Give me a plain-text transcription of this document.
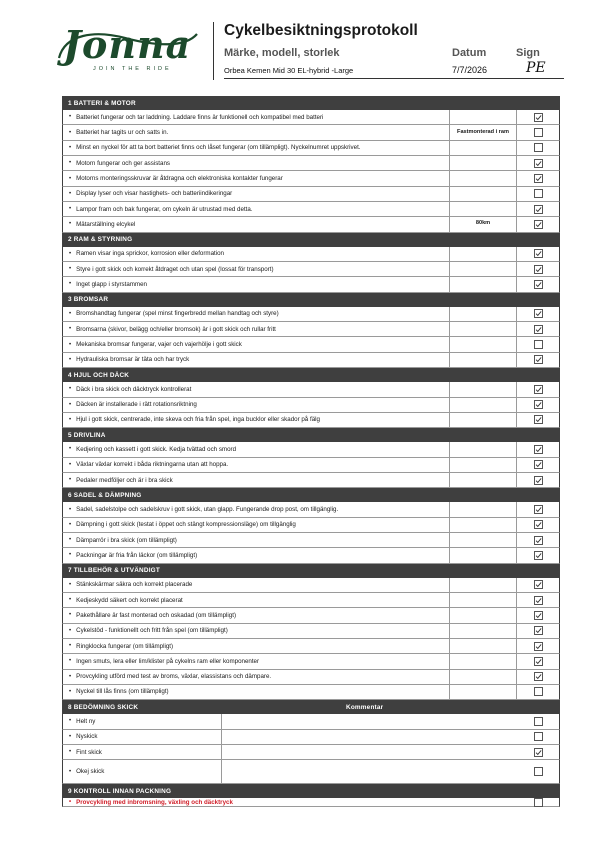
Jonna
JOIN THE RIDE
Cykelbesiktningsprotokoll
Märke, modell, storlek	Datum	Sign
Orbea Kemen Mid 30 EL-hybrid -Large	7/7/2026	PE
1 BATTERI & MOTOR
• Batteriet fungerar och tar laddning. Laddare finns är funktionell och kompatibel med batteri
• Batteriet har tagits ur och satts in.	Fastmonterad i ram
• Minst en nyckel för att ta bort batteriet finns och låset fungerar (om tillämpligt). Nyckelnumret uppskrivet.
• Motorn fungerar och ger assistans
• Motorns monteringsskruvar är åtdragna och elektroniska kontakter fungerar
• Display lyser och visar hastighets- och batteriindikeringar
• Lampor fram och bak fungerar, om cykeln är utrustad med detta.
• Mätarställning elcykel	80km
2 RAM & STYRNING
• Ramen visar inga sprickor, korrosion eller deformation
• Styre i gott skick och korrekt åtdraget och utan spel (lossat för transport)
• Inget glapp i styrstammen
3 BROMSAR
• Bromshandtag fungerar (spel minst fingerbredd mellan handtag och styre)
• Bromsarna (skivor, belägg och/eller bromsok) är i gott skick och rullar fritt
• Mekaniska bromsar fungerar, vajer och vajerhölje i gott skick
• Hydrauliska bromsar är täta och har tryck
4 HJUL OCH DÄCK
• Däck i bra skick och däcktryck kontrollerat
• Däcken är installerade i rätt rotationsriktning
• Hjul i gott skick, centrerade, inte skeva och fria från spel, inga bucklor eller skador på fälg
5 DRIVLINA
• Kedjering och kassett i gott skick. Kedja tvättad och smord
• Växlar växlar korrekt i båda riktningarna utan att hoppa.
• Pedaler medföljer och är i bra skick
6 SADEL & DÄMPNING
• Sadel, sadelstolpe och sadelskruv i gott skick, utan glapp. Fungerande drop post, om tillgänglig.
• Dämpning i gott skick (testat i öppet och stängt kompressionsläge) om tillgänglig
• Dämparrör i bra skick (om tillämpligt)
• Packningar är fria från läckor (om tillämpligt)
7 TILLBEHÖR & UTVÄNDIGT
• Stänkskärmar säkra och korrekt placerade
• Kedjeskydd säkert och korrekt placerat
• Pakethållare är fast monterad och oskadad (om tillämpligt)
• Cykelstöd - funktionellt och fritt från spel (om tillämpligt)
• Ringklocka fungerar (om tillämpligt)
• Ingen smuts, lera eller lim/klister på cykelns ram eller komponenter
• Provcykling utförd med test av broms, växlar, elassistans och dämpare.
• Nyckel till lås finns (om tillämpligt)
8 BEDÖMNING SKICK	Kommentar
• Helt ny
• Nyskick
• Fint skick
• Okej skick
9 KONTROLL INNAN PACKNING
• Provcykling med inbromsning, växling och däcktryck
